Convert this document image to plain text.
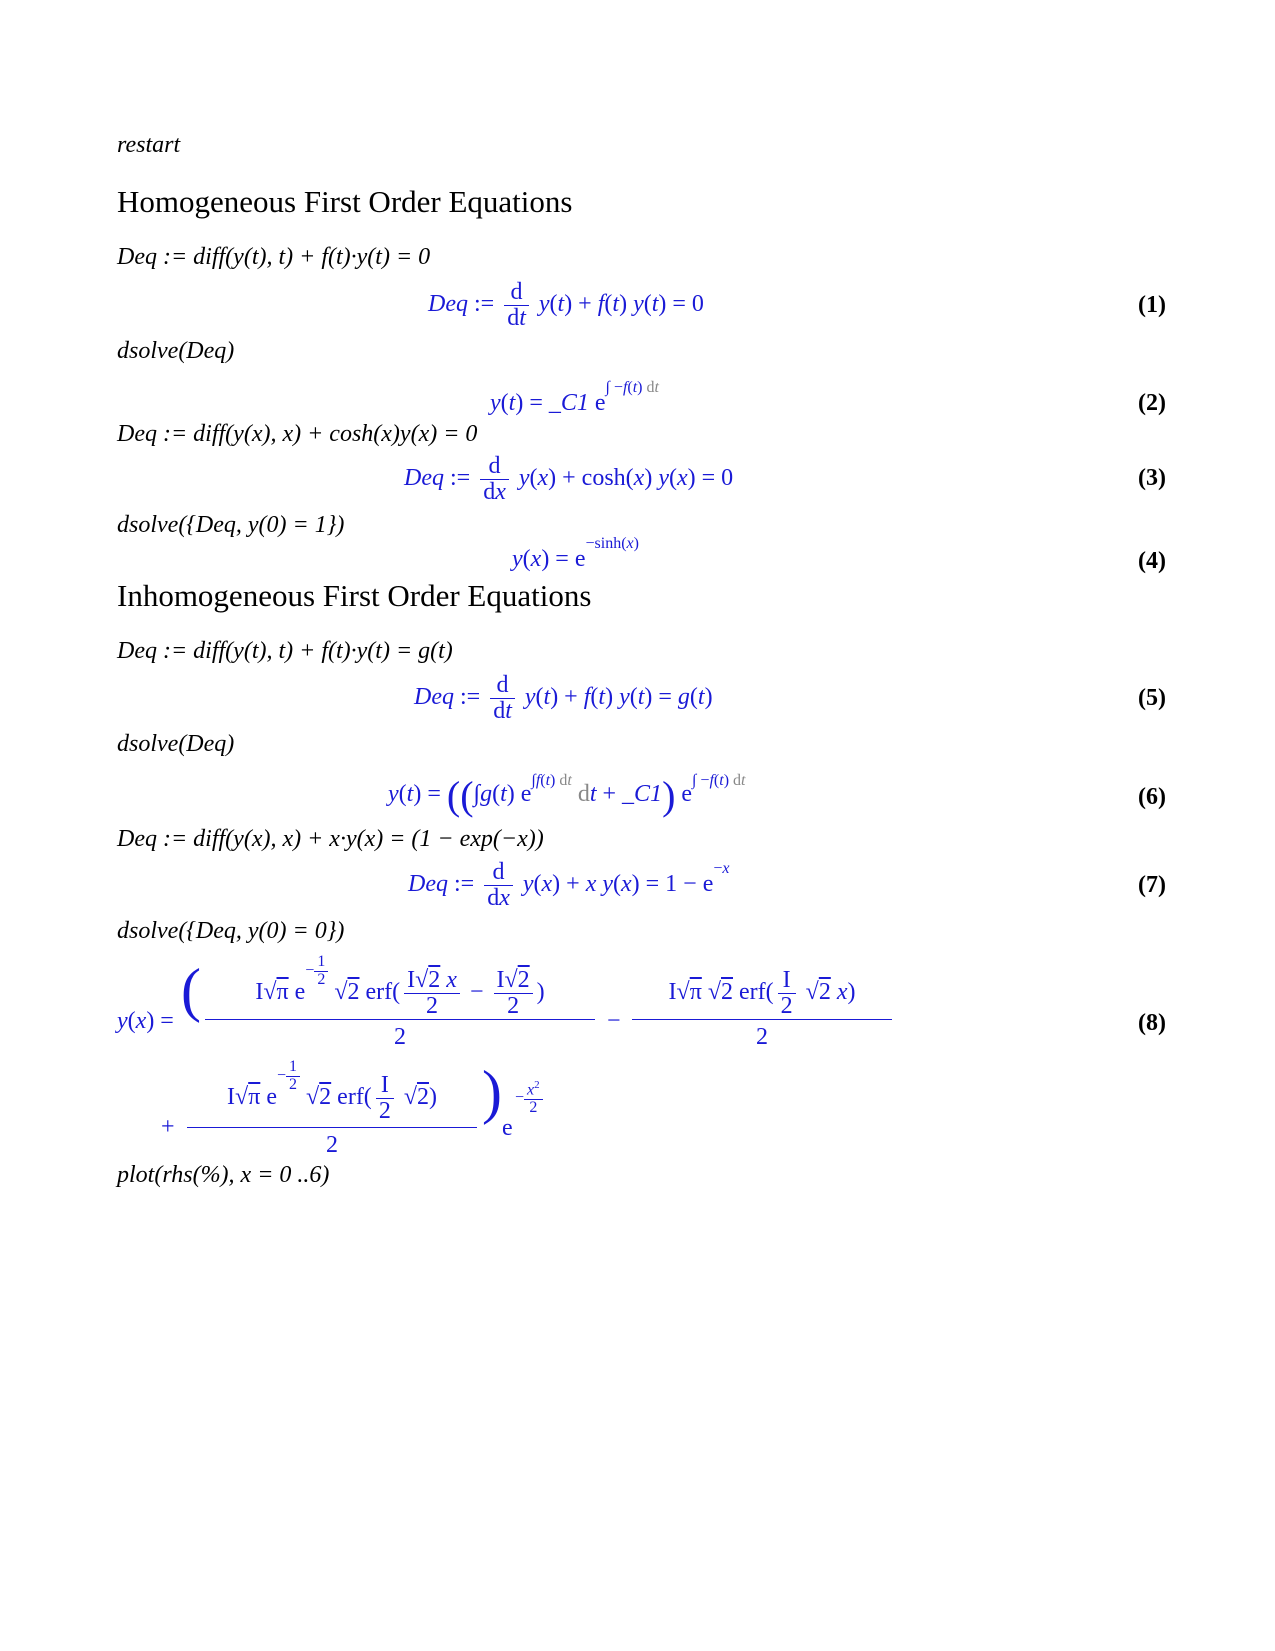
restart
Homogeneous First Order Equations
Deq := diff(y(t), t) + f(t)·y(t) = 0
Deq := $\frac{d}{dt} y(t) + f(t) y(t) = 0$	(1)
dsolve(Deq)
y(t) = _C1 e∫ −f(t) dt
(2)
Deq := diff(y(x), x) + cosh(x)y(x) = 0
Deq := $\frac{d}{dx} y(x) + \cosh(x) y(x) = 0$	(3)
dsolve({Deq, y(0) = 1})
$y(x) = e^{-sinh(x)}$
(4)
Inhomogeneous First Order Equations
Deq := diff(y(t), t) + f(t)·y(t) = g(t)
Deq := $\frac{d}{dt} y(t) + f(t) y(t) = g(t)$	(5)
dsolve(Deq)
y(t) = ((∫g(t) e∫f(t) dt dt + _C1) e∫ −f(t) dt
(6)
Deq := diff(y(x), x) + x·y(x) = (1 − exp(−x))
Deq := $\frac{d}{dx} y(x) + x$ $y(x) = 1 - e^{-x}$
(7)
dsolve({Deq, y(0) = 0})
y(x) = (	I√π $e^{- \frac{1}{2}}$
√2 $erf( \frac{I√2 x}{2} - \frac{I√2}{2}$ )
2
−
I√π √2 $erf( \frac{I}{2} √2$ x)
2
+
I√π $e^{- \frac{1}{2}}$
√2 $erf( \frac{I}{2} √2)$
2
)
e
− $\frac{x^2}{2}$
(8)
plot(rhs(%), x = 0 ..6)
